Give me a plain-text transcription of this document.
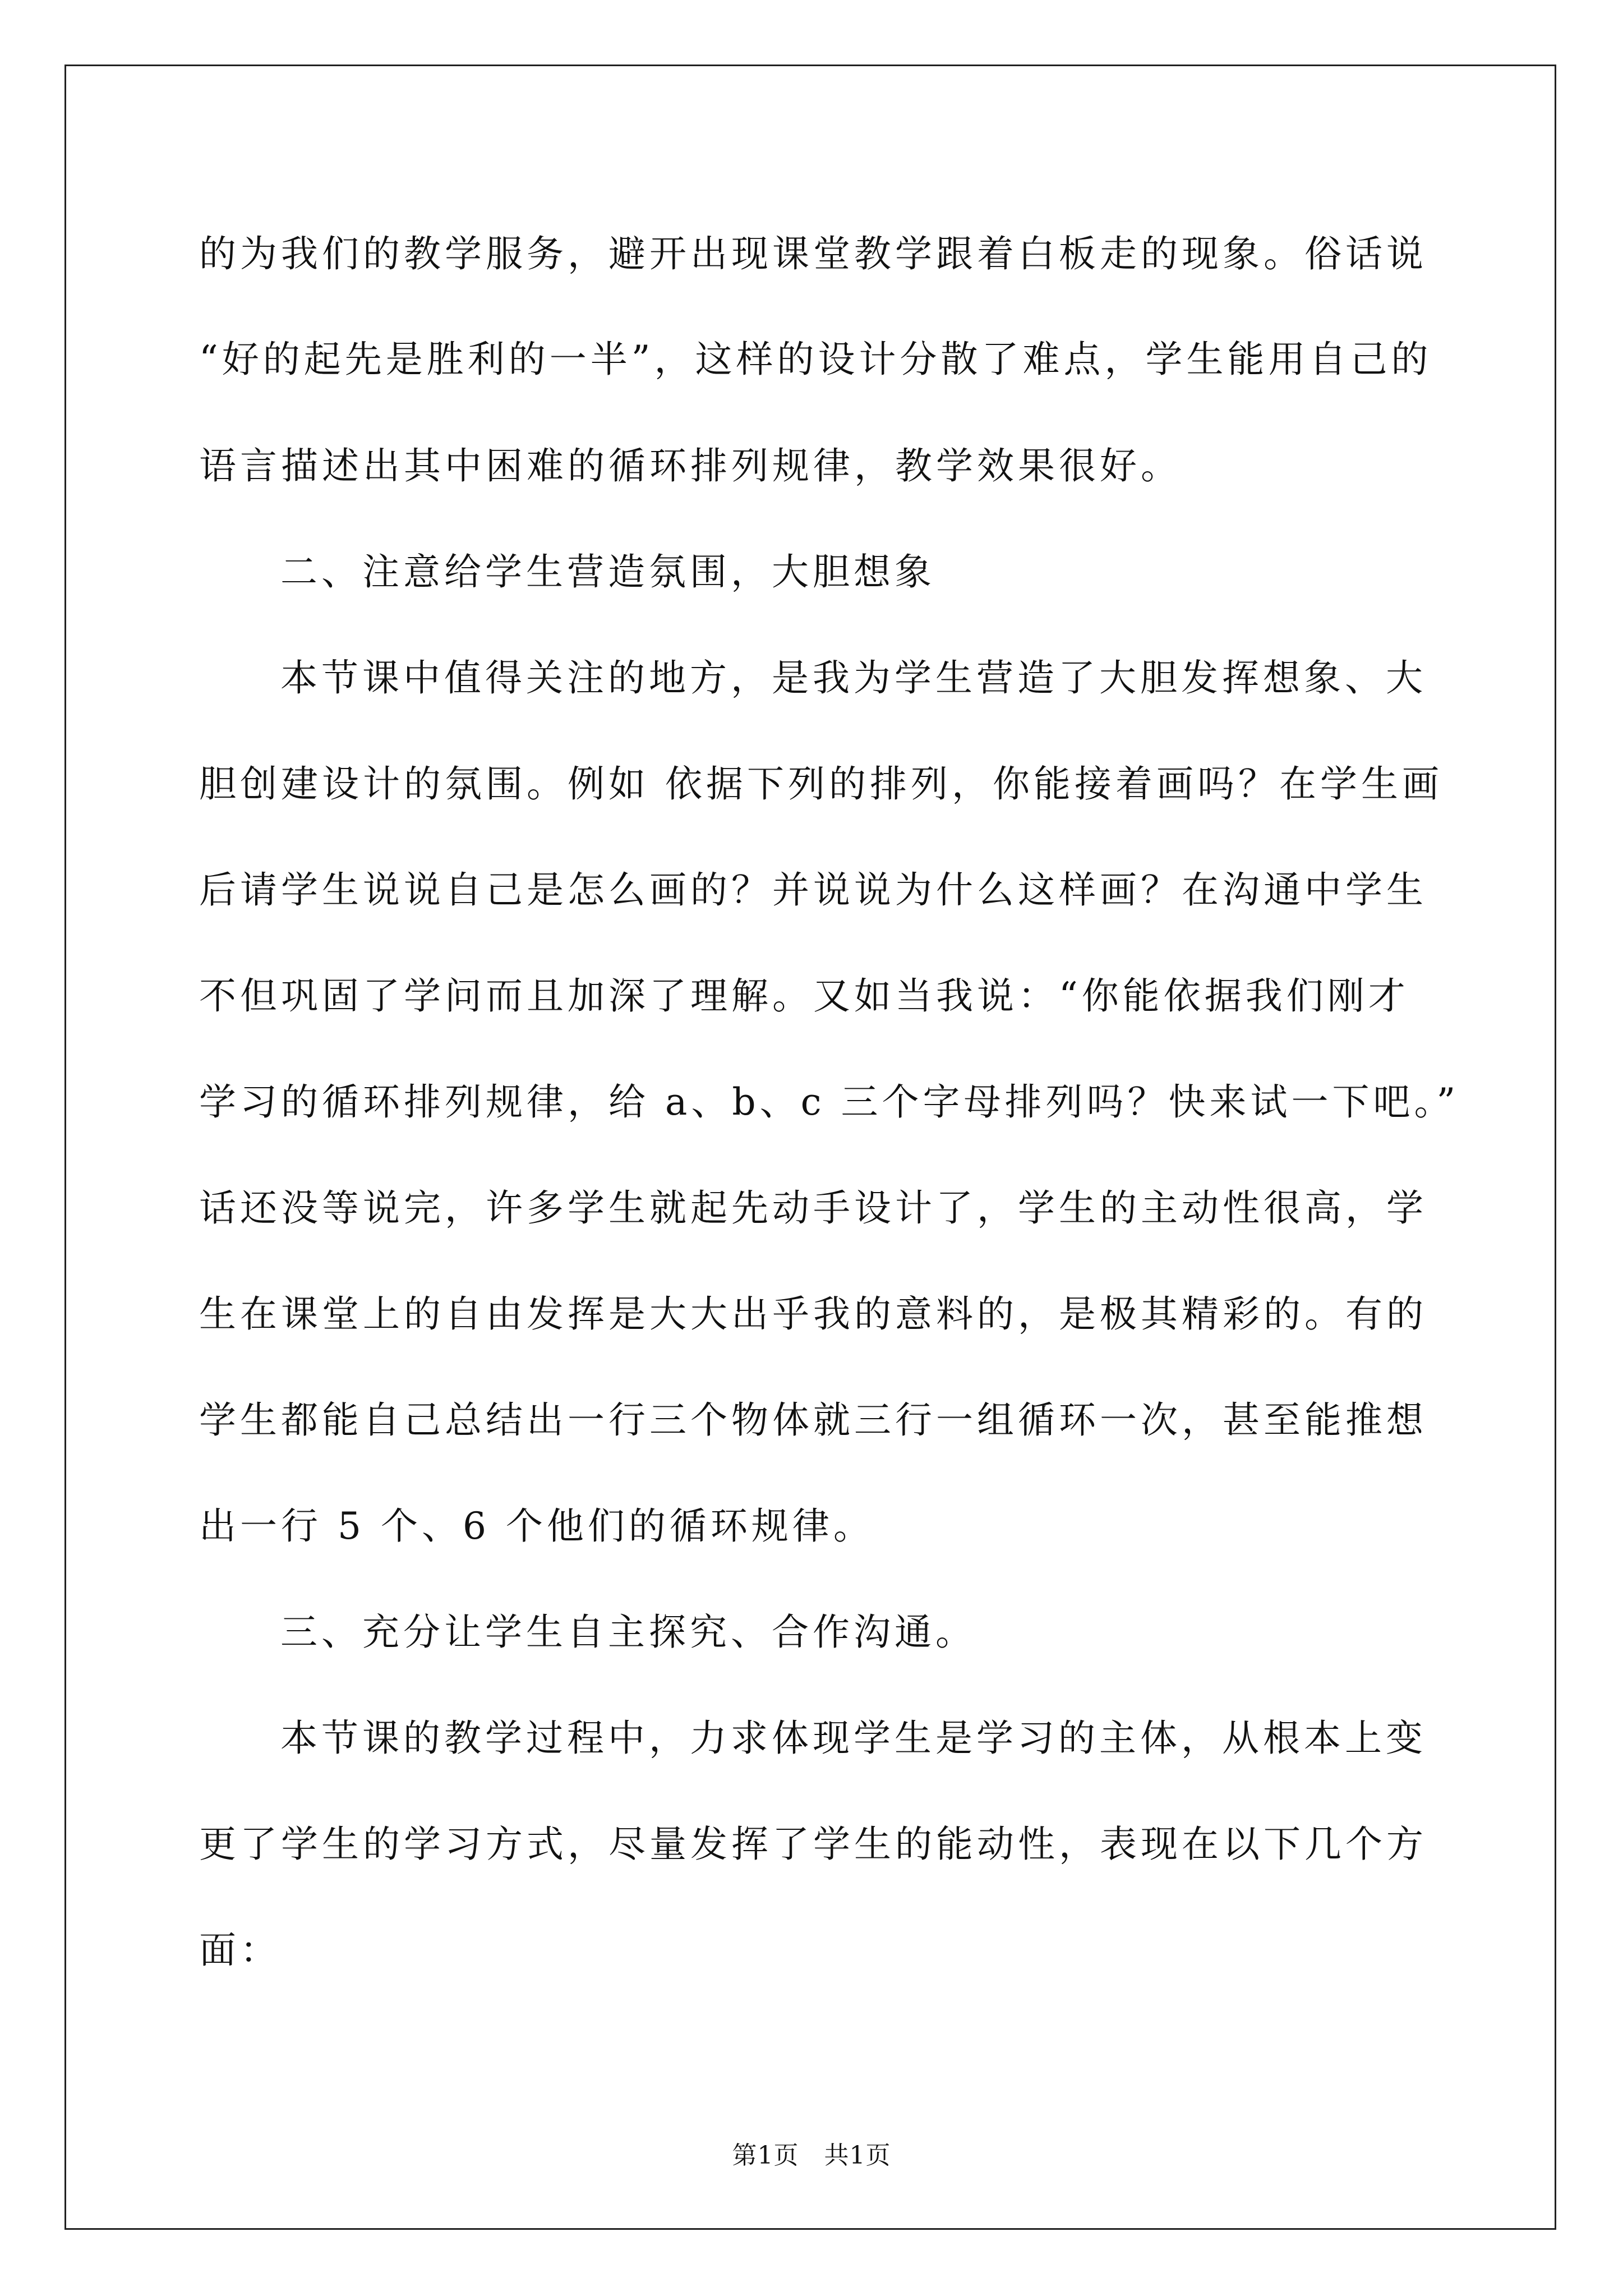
的为我们的教学服务，避开出现课堂教学跟着白板走的现象。俗话说

“好的起先是胜利的一半”，这样的设计分散了难点，学生能用自己的

语言描述出其中困难的循环排列规律，教学效果很好。

二、注意给学生营造氛围，大胆想象

本节课中值得关注的地方，是我为学生营造了大胆发挥想象、大

胆创建设计的氛围。例如 依据下列的排列，你能接着画吗？在学生画

后请学生说说自己是怎么画的？并说说为什么这样画？在沟通中学生

不但巩固了学问而且加深了理解。又如当我说：“你能依据我们刚才

学习的循环排列规律，给 a、b、c 三个字母排列吗？快来试一下吧。”

话还没等说完，许多学生就起先动手设计了，学生的主动性很高，学

生在课堂上的自由发挥是大大出乎我的意料的，是极其精彩的。有的

学生都能自己总结出一行三个物体就三行一组循环一次，甚至能推想

出一行 5 个、6 个他们的循环规律。

三、充分让学生自主探究、合作沟通。

本节课的教学过程中，力求体现学生是学习的主体，从根本上变

更了学生的学习方式，尽量发挥了学生的能动性，表现在以下几个方

面：

第1页   共1页
